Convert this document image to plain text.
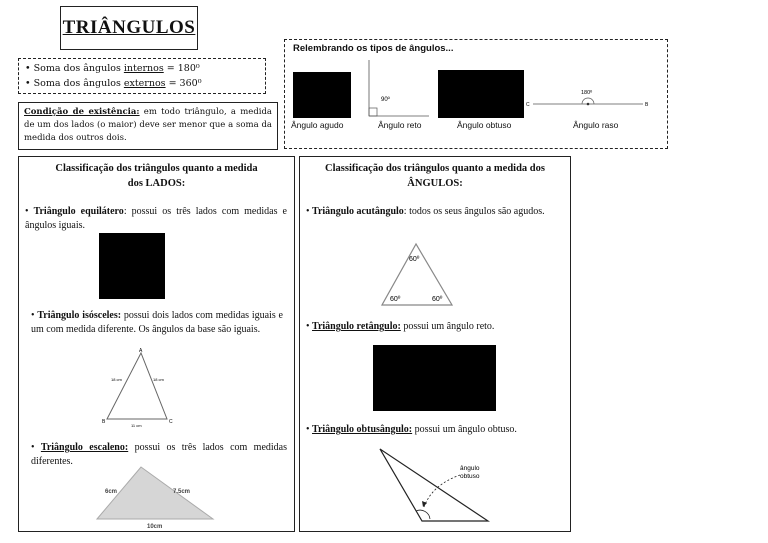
TRIÂNGULOS
• Soma dos ângulos internos = 180⁰
• Soma dos ângulos externos = 360⁰
Condição de existência: em todo triângulo, a medida de um dos lados (o maior) deve ser menor que a soma da medida dos outros dois.
Relembrando os tipos de ângulos...
Ângulo agudo
90º
Ângulo reto	Ângulo obtuso
180º
C	B
Ângulo raso
Classificação dos triângulos quanto a medida dos LADOS:
• Triângulo equilátero: possui os três lados com medidas e ângulos iguais.
• Triângulo isósceles: possui dois lados com medidas iguais e um com medida diferente. Os ângulos da base são iguais.
A
B	C
18 cm	18 cm
11 cm
• Triângulo escaleno: possui os três lados com medidas diferentes.
6cm	7.5cm
10cm
Classificação dos triângulos quanto a medida dos ÂNGULOS:
• Triângulo acutângulo: todos os seus ângulos são agudos.
60º
60º	60º
• Triângulo retângulo: possui um ângulo reto.
• Triângulo obtusângulo: possui um ângulo obtuso.
ângulo
obtuso
